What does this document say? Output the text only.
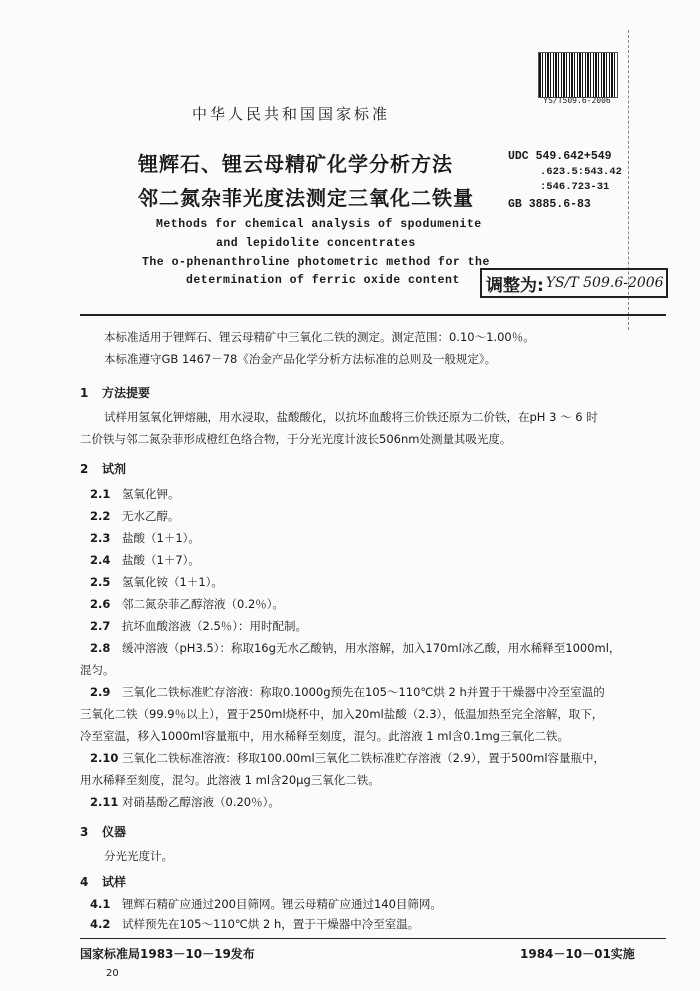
YS/T509.6-2006
中华人民共和国国家标准
锂辉石、锂云母精矿化学分析方法
邻二氮杂菲光度法测定三氧化二铁量
UDC 549.642+549
.623.5:543.42
:546.723-31
GB 3885.6-83
Methods for chemical analysis of spodumenite
and lepidolite concentrates
The o-phenanthroline photometric method for the
determination of ferric oxide content 调整为: YS/T 509.6-2006
本标准适用于锂辉石、锂云母精矿中三氧化二铁的测定。测定范围：0.10～1.00％。
本标准遵守GB 1467－78《冶金产品化学分析方法标准的总则及一般规定》。
1 方法提要
试样用氢氧化钾熔融，用水浸取，盐酸酸化，以抗坏血酸将三价铁还原为二价铁，在pH 3 ～ 6 时
二价铁与邻二氮杂菲形成橙红色络合物，于分光光度计波长506nm处测量其吸光度。
2 试剂
2.1 氢氧化钾。
2.2 无水乙醇。
2.3 盐酸（1＋1）。
2.4 盐酸（1＋7）。
2.5 氢氧化铵（1＋1）。
2.6 邻二氮杂菲乙醇溶液（0.2％）。
2.7 抗坏血酸溶液（2.5％）：用时配制。
2.8 缓冲溶液（pH3.5）：称取16g无水乙酸钠，用水溶解，加入170ml冰乙酸，用水稀释至1000ml，
混匀。
2.9 三氧化二铁标准贮存溶液：称取0.1000g预先在105～110℃烘 2 h并置于干燥器中冷至室温的
三氧化二铁（99.9％以上），置于250ml烧杯中，加入20ml盐酸（2.3），低温加热至完全溶解，取下，
冷至室温，移入1000ml容量瓶中，用水稀释至刻度，混匀。此溶液 1 ml含0.1mg三氧化二铁。
2.10 三氧化二铁标准溶液：移取100.00ml三氧化二铁标准贮存溶液（2.9），置于500ml容量瓶中，
用水稀释至刻度，混匀。此溶液 1 ml含20μg三氧化二铁。
2.11 对硝基酚乙醇溶液（0.20％）。
3 仪器
分光光度计。
4 试样
4.1 锂辉石精矿应通过200目筛网。锂云母精矿应通过140目筛网。
4.2 试样预先在105～110℃烘 2 h，置于干燥器中冷至室温。
国家标准局1983－10－19发布	1984－10－01实施
20
